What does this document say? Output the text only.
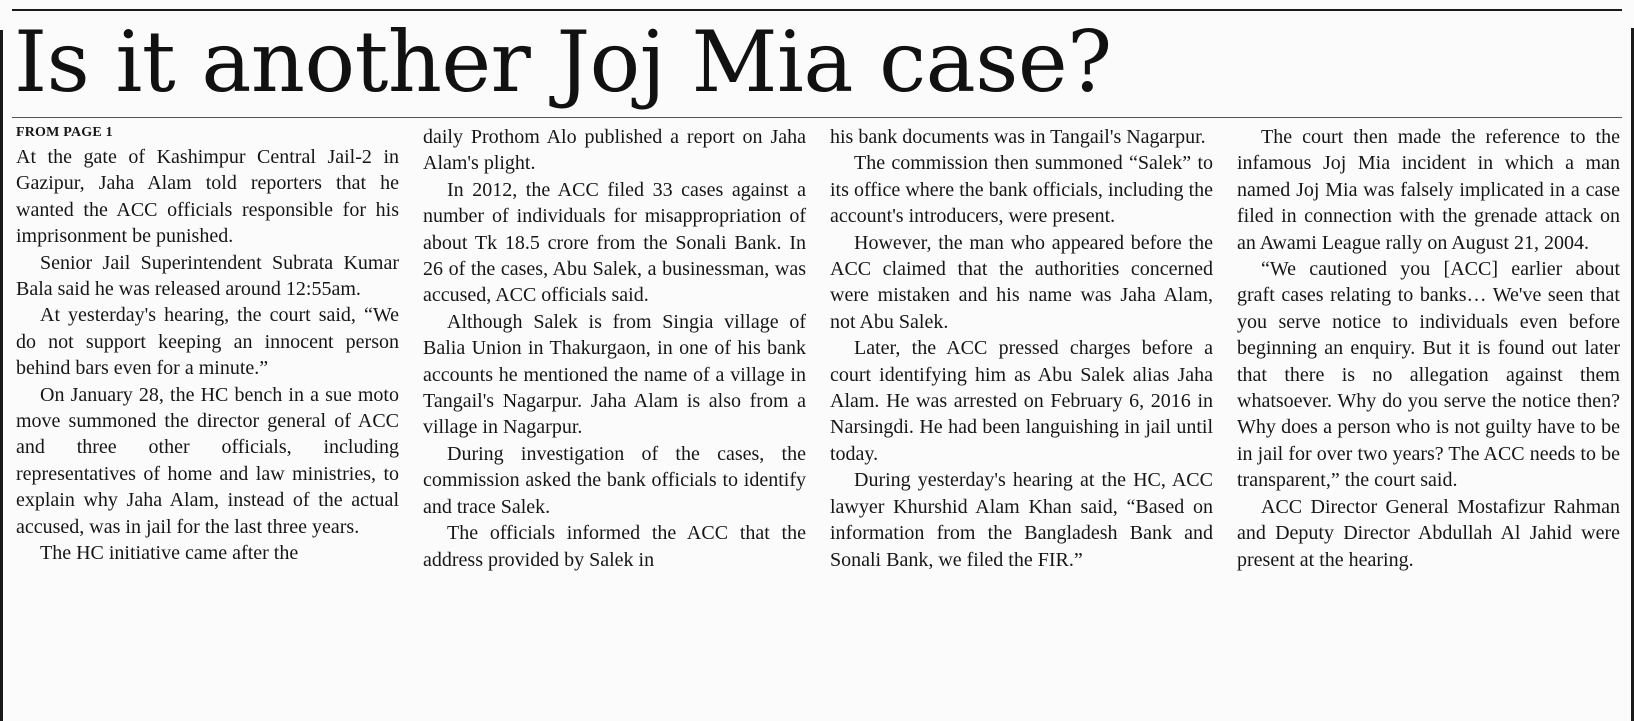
Is it another Joj Mia case?
FROM PAGE 1

At the gate of Kashimpur Central Jail-2 in Gazipur, Jaha Alam told reporters that he wanted the ACC officials responsible for his imprisonment be punished.

Senior Jail Superintendent Subrata Kumar Bala said he was released around 12:55am.

At yesterday's hearing, the court said, “We do not support keeping an innocent person behind bars even for a minute.”

On January 28, the HC bench in a sue moto move summoned the director general of ACC and three other officials, including representatives of home and law ministries, to explain why Jaha Alam, instead of the actual accused, was in jail for the last three years.

The HC initiative came after the

daily Prothom Alo published a report on Jaha Alam's plight.

In 2012, the ACC filed 33 cases against a number of individuals for misappropriation of about Tk 18.5 crore from the Sonali Bank. In 26 of the cases, Abu Salek, a businessman, was accused, ACC officials said.

Although Salek is from Singia village of Balia Union in Thakurgaon, in one of his bank accounts he mentioned the name of a village in Tangail's Nagarpur. Jaha Alam is also from a village in Nagarpur.

During investigation of the cases, the commission asked the bank officials to identify and trace Salek.

The officials informed the ACC that the address provided by Salek in

his bank documents was in Tangail's Nagarpur.

The commission then summoned “Salek” to its office where the bank officials, including the account's introducers, were present.

However, the man who appeared before the ACC claimed that the authorities concerned were mistaken and his name was Jaha Alam, not Abu Salek.

Later, the ACC pressed charges before a court identifying him as Abu Salek alias Jaha Alam. He was arrested on February 6, 2016 in Narsingdi. He had been languishing in jail until today.

During yesterday's hearing at the HC, ACC lawyer Khurshid Alam Khan said, “Based on information from the Bangladesh Bank and Sonali Bank, we filed the FIR.”

The court then made the reference to the infamous Joj Mia incident in which a man named Joj Mia was falsely implicated in a case filed in connection with the grenade attack on an Awami League rally on August 21, 2004.

“We cautioned you [ACC] earlier about graft cases relating to banks… We've seen that you serve notice to individuals even before beginning an enquiry. But it is found out later that there is no allegation against them whatsoever. Why do you serve the notice then? Why does a person who is not guilty have to be in jail for over two years? The ACC needs to be transparent,” the court said.

ACC Director General Mostafizur Rahman and Deputy Director Abdullah Al Jahid were present at the hearing.
